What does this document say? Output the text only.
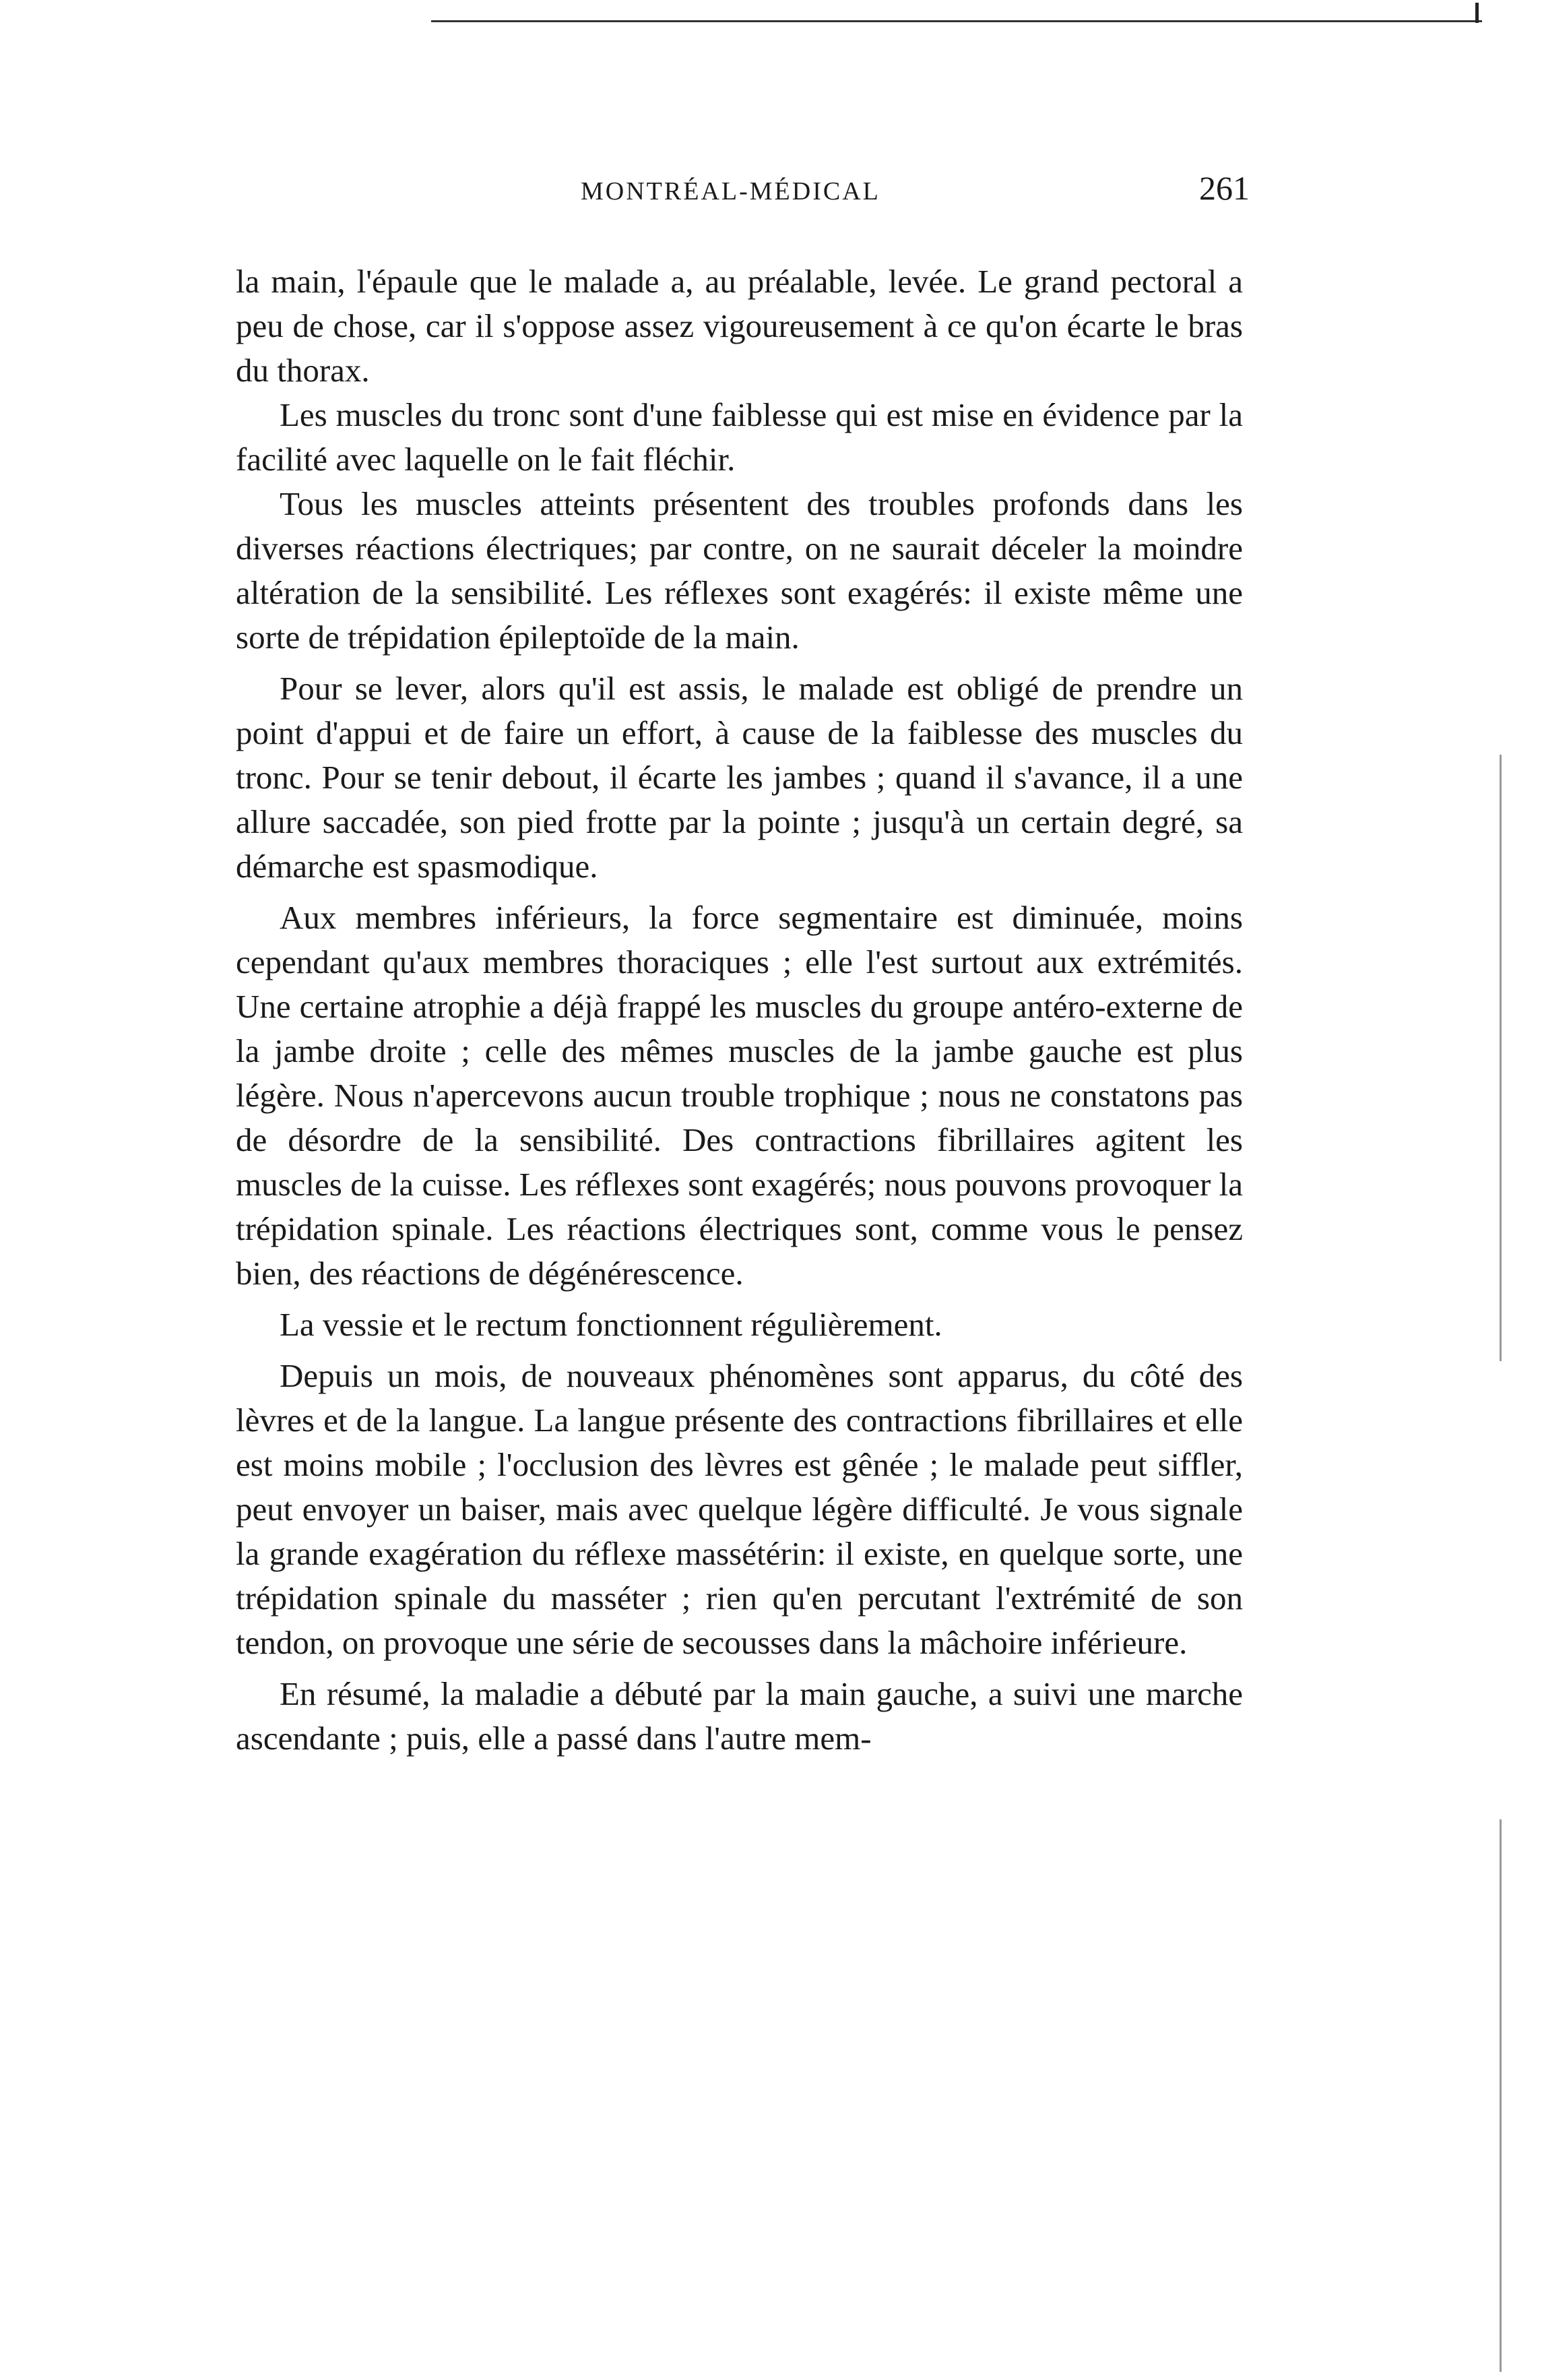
MONTRÉAL-MÉDICAL	261

la main, l'épaule que le malade a, au préalable, levée. Le grand pectoral a peu de chose, car il s'oppose assez vigoureusement à ce qu'on écarte le bras du thorax.

Les muscles du tronc sont d'une faiblesse qui est mise en évidence par la facilité avec laquelle on le fait fléchir.

Tous les muscles atteints présentent des troubles profonds dans les diverses réactions électriques; par contre, on ne saurait déceler la moindre altération de la sensibilité. Les réflexes sont exagérés: il existe même une sorte de trépidation épileptoïde de la main.

Pour se lever, alors qu'il est assis, le malade est obligé de prendre un point d'appui et de faire un effort, à cause de la faiblesse des muscles du tronc. Pour se tenir debout, il écarte les jambes ; quand il s'avance, il a une allure saccadée, son pied frotte par la pointe ; jusqu'à un certain degré, sa démarche est spasmodique.

Aux membres inférieurs, la force segmentaire est diminuée, moins cependant qu'aux membres thoraciques ; elle l'est surtout aux extrémités. Une certaine atrophie a déjà frappé les muscles du groupe antéro-externe de la jambe droite ; celle des mêmes muscles de la jambe gauche est plus légère. Nous n'apercevons aucun trouble trophique ; nous ne constatons pas de désordre de la sensibilité. Des contractions fibrillaires agitent les muscles de la cuisse. Les réflexes sont exagérés; nous pouvons provoquer la trépidation spinale. Les réactions électriques sont, comme vous le pensez bien, des réactions de dégénérescence.

La vessie et le rectum fonctionnent régulièrement.

Depuis un mois, de nouveaux phénomènes sont apparus, du côté des lèvres et de la langue. La langue présente des contractions fibrillaires et elle est moins mobile ; l'occlusion des lèvres est gênée ; le malade peut siffler, peut envoyer un baiser, mais avec quelque légère difficulté. Je vous signale la grande exagération du réflexe massétérin: il existe, en quelque sorte, une trépidation spinale du masséter ; rien qu'en percutant l'extrémité de son tendon, on provoque une série de secousses dans la mâchoire inférieure.

En résumé, la maladie a débuté par la main gauche, a suivi une marche ascendante ; puis, elle a passé dans l'autre mem-
